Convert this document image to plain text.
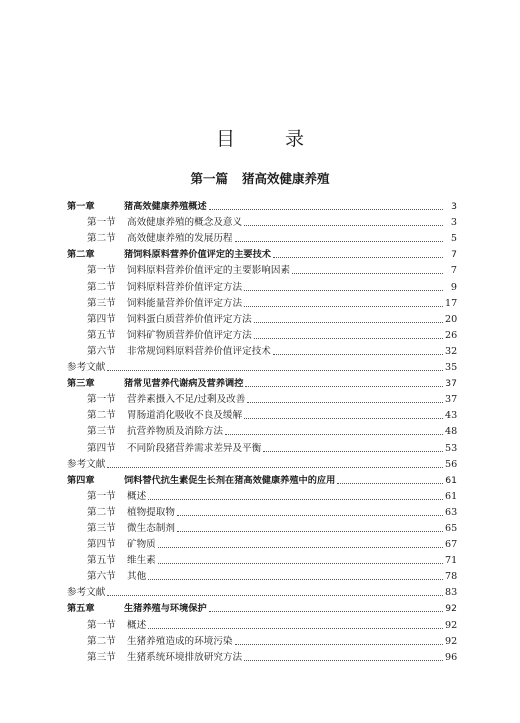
目 录
第一篇 猪高效健康养殖
第一章	猪高效健康养殖概述	3
第一节	高效健康养殖的概念及意义	3
第二节	高效健康养殖的发展历程	5
第二章	猪饲料原料营养价值评定的主要技术	7
第一节	饲料原料营养价值评定的主要影响因素	7
第二节	饲料原料营养价值评定方法	9
第三节	饲料能量营养价值评定方法	17
第四节	饲料蛋白质营养价值评定方法	20
第五节	饲料矿物质营养价值评定方法	26
第六节	非常规饲料原料营养价值评定技术	32
参考文献	35
第三章	猪常见营养代谢病及营养调控	37
第一节	营养素摄入不足/过剩及改善	37
第二节	胃肠道消化吸收不良及缓解	43
第三节	抗营养物质及消除方法	48
第四节	不同阶段猪营养需求差异及平衡	53
参考文献	56
第四章	饲料替代抗生素促生长剂在猪高效健康养殖中的应用	61
第一节	概述	61
第二节	植物提取物	63
第三节	微生态制剂	65
第四节	矿物质	67
第五节	维生素	71
第六节	其他	78
参考文献	83
第五章	生猪养殖与环境保护	92
第一节	概述	92
第二节	生猪养殖造成的环境污染	92
第三节	生猪系统环境排放研究方法	96
